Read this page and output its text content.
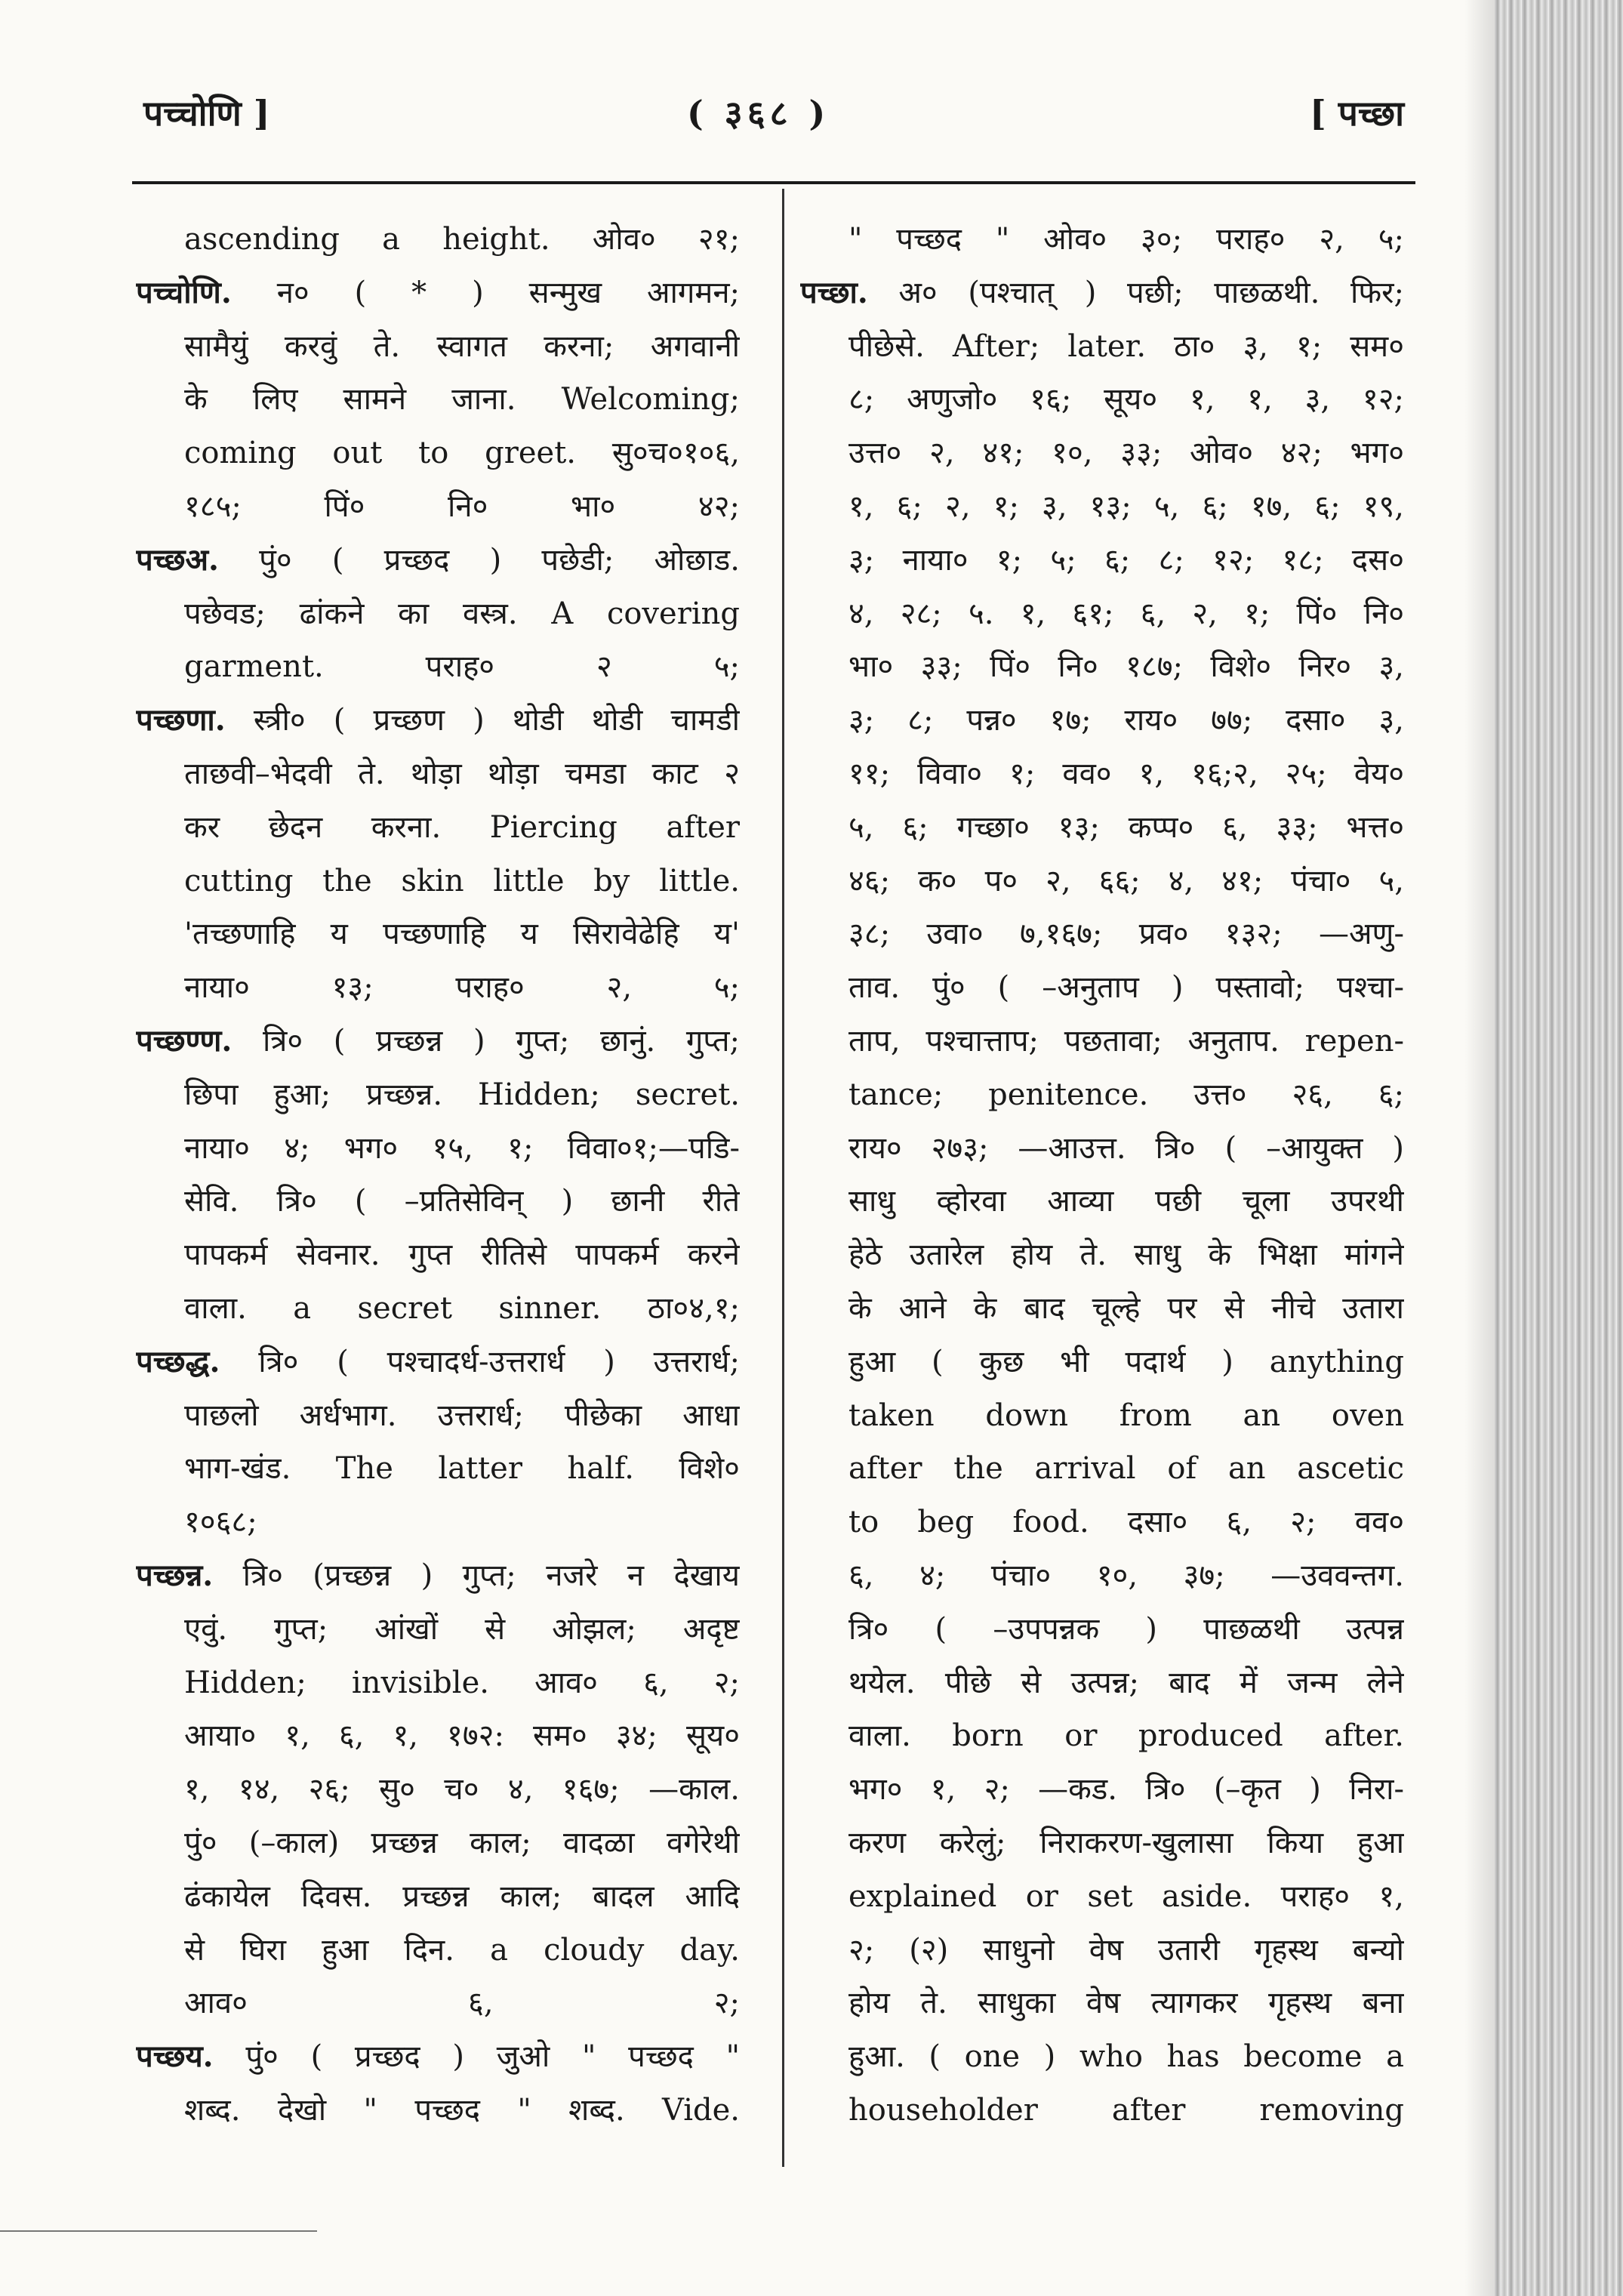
पच्चोणि ]	( ३६८ )	[ पच्छा
ascending a height. ओव० २१;
पच्चोणि. न० ( * ) सन्मुख आगमन;
सामैयुं करवुं ते. स्वागत करना; अगवानी
के लिए सामने जाना. Welcoming;
coming out to greet. सु०च०१०६,
१८५; पिं० नि० भा० ४२;
पच्छअ. पुं० ( प्रच्छद ) पछेडी; ओछाड.
पछेवड; ढांकने का वस्त्र. A covering
garment. पराह० २ ५;
पच्छणा. स्त्री० ( प्रच्छण ) थोडी थोडी चामडी
ताछवी–भेदवी ते. थोड़ा थोड़ा चमडा काट २
कर छेदन करना. Piercing after
cutting the skin little by little.
'तच्छणाहि य पच्छणाहि य सिरावेढेहि य'
नाया० १३; पराह० २, ५;
पच्छण्ण. त्रि० ( प्रच्छन्न ) गुप्त; छानुं. गुप्त;
छिपा हुआ; प्रच्छन्न. Hidden; secret.
नाया० ४; भग० १५, १; विवा०१;—पडि-
सेवि. त्रि० ( –प्रतिसेविन् ) छानी रीते
पापकर्म सेवनार. गुप्त रीतिसे पापकर्म करने
वाला. a secret sinner. ठा०४,१;
पच्छद्ध. त्रि० ( पश्चादर्ध-उत्तरार्ध ) उत्तरार्ध;
पाछलो अर्धभाग. उत्तरार्ध; पीछेका आधा
भाग-खंड. The latter half. विशे०
१०६८;
पच्छन्न. त्रि० (प्रच्छन्न ) गुप्त; नजरे न देखाय
एवुं. गुप्त; आंखों से ओझल; अदृष्ट
Hidden; invisible. आव० ६, २;
आया० १, ६, १, १७२: सम० ३४; सूय०
१, १४, २६; सु० च० ४, १६७; —काल.
पुं० (–काल) प्रच्छन्न काल; वादळा वगेरेथी
ढंकायेल दिवस. प्रच्छन्न काल; बादल आदि
से घिरा हुआ दिन. a cloudy day.
आव० ६, २;
पच्छय. पुं० ( प्रच्छद ) जुओ " पच्छद "
शब्द. देखो " पच्छद " शब्द. Vide.
" पच्छद " ओव० ३०; पराह० २, ५;
पच्छा. अ० (पश्चात् ) पछी; पाछळथी. फिर;
पीछेसे. After; later. ठा० ३, १; सम०
८; अणुजो० १६; सूय० १, १, ३, १२;
उत्त० २, ४१; १०, ३३; ओव० ४२; भग०
१, ६; २, १; ३, १३; ५, ६; १७, ६; १९,
३; नाया० १; ५; ६; ८; १२; १८; दस०
४, २८; ५. १, ६१; ६, २, १; पिं० नि०
भा० ३३; पिं० नि० १८७; विशे० निर० ३,
३; ८; पन्न० १७; राय० ७७; दसा० ३,
११; विवा० १; वव० १, १६;२, २५; वेय०
५, ६; गच्छा० १३; कप्प० ६, ३३; भत्त०
४६; क० प० २, ६६; ४, ४१; पंचा० ५,
३८; उवा० ७,१६७; प्रव० १३२; —अणु-
ताव. पुं० ( –अनुताप ) पस्तावो; पश्चा-
ताप, पश्चात्ताप; पछतावा; अनुताप. repen-
tance; penitence. उत्त० २६, ६;
राय० २७३; —आउत्त. त्रि० ( –आयुक्त )
साधु व्होरवा आव्या पछी चूला उपरथी
हेठे उतारेल होय ते. साधु के भिक्षा मांगने
के आने के बाद चूल्हे पर से नीचे उतारा
हुआ ( कुछ भी पदार्थ ) anything
taken down from an oven
after the arrival of an ascetic
to beg food. दसा० ६, २; वव०
६, ४; पंचा० १०, ३७; —उववन्तग.
त्रि० ( –उपपन्नक ) पाछळथी उत्पन्न
थयेल. पीछे से उत्पन्न; बाद में जन्म लेने
वाला. born or produced after.
भग० १, २; —कड. त्रि० (–कृत ) निरा-
करण करेलुं; निराकरण-खुलासा किया हुआ
explained or set aside. पराह० १,
२; (२) साधुनो वेष उतारी गृहस्थ बन्यो
होय ते. साधुका वेष त्यागकर गृहस्थ बना
हुआ. ( one ) who has become a
householder after removing
